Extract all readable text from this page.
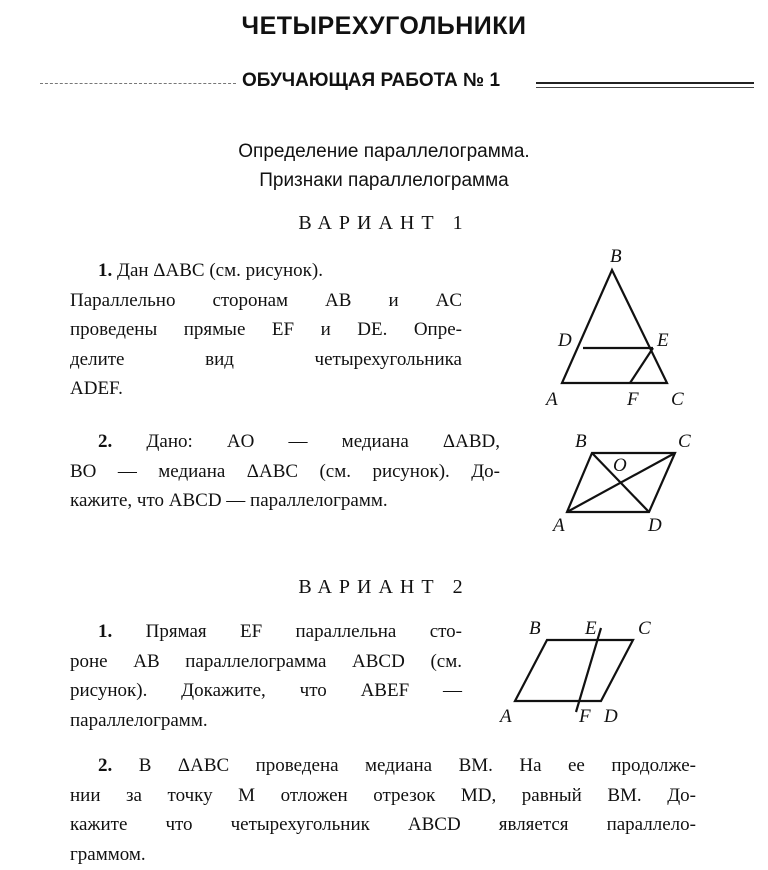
ЧЕТЫРЕХУГОЛЬНИКИ
ОБУЧАЮЩАЯ РАБОТА № 1
Определение параллелограмма.
Признаки параллелограмма
ВАРИАНТ 1
1. Дан ΔABC (см. рисунок).
Параллельно сторонам AB и AC
проведены прямые EF и DE. Опре-
делите вид четырехугольника
ADEF.
B
D	E
A	F C
2. Дано: AO — медиана ΔABD,
BO — медиана ΔABC (см. рисунок). До-
кажите, что ABCD — параллелограмм.
B	C
O
A	D
ВАРИАНТ 2
1. Прямая EF параллельна сто-
роне AB параллелограмма ABCD (см.
рисунок). Докажите, что ABEF —
параллелограмм.
B E C
A	F D
2. В ΔABC проведена медиана BM. На ее продолже-
нии за точку M отложен отрезок MD, равный BM. До-
кажите что четырехугольник ABCD является параллело-
граммом.
